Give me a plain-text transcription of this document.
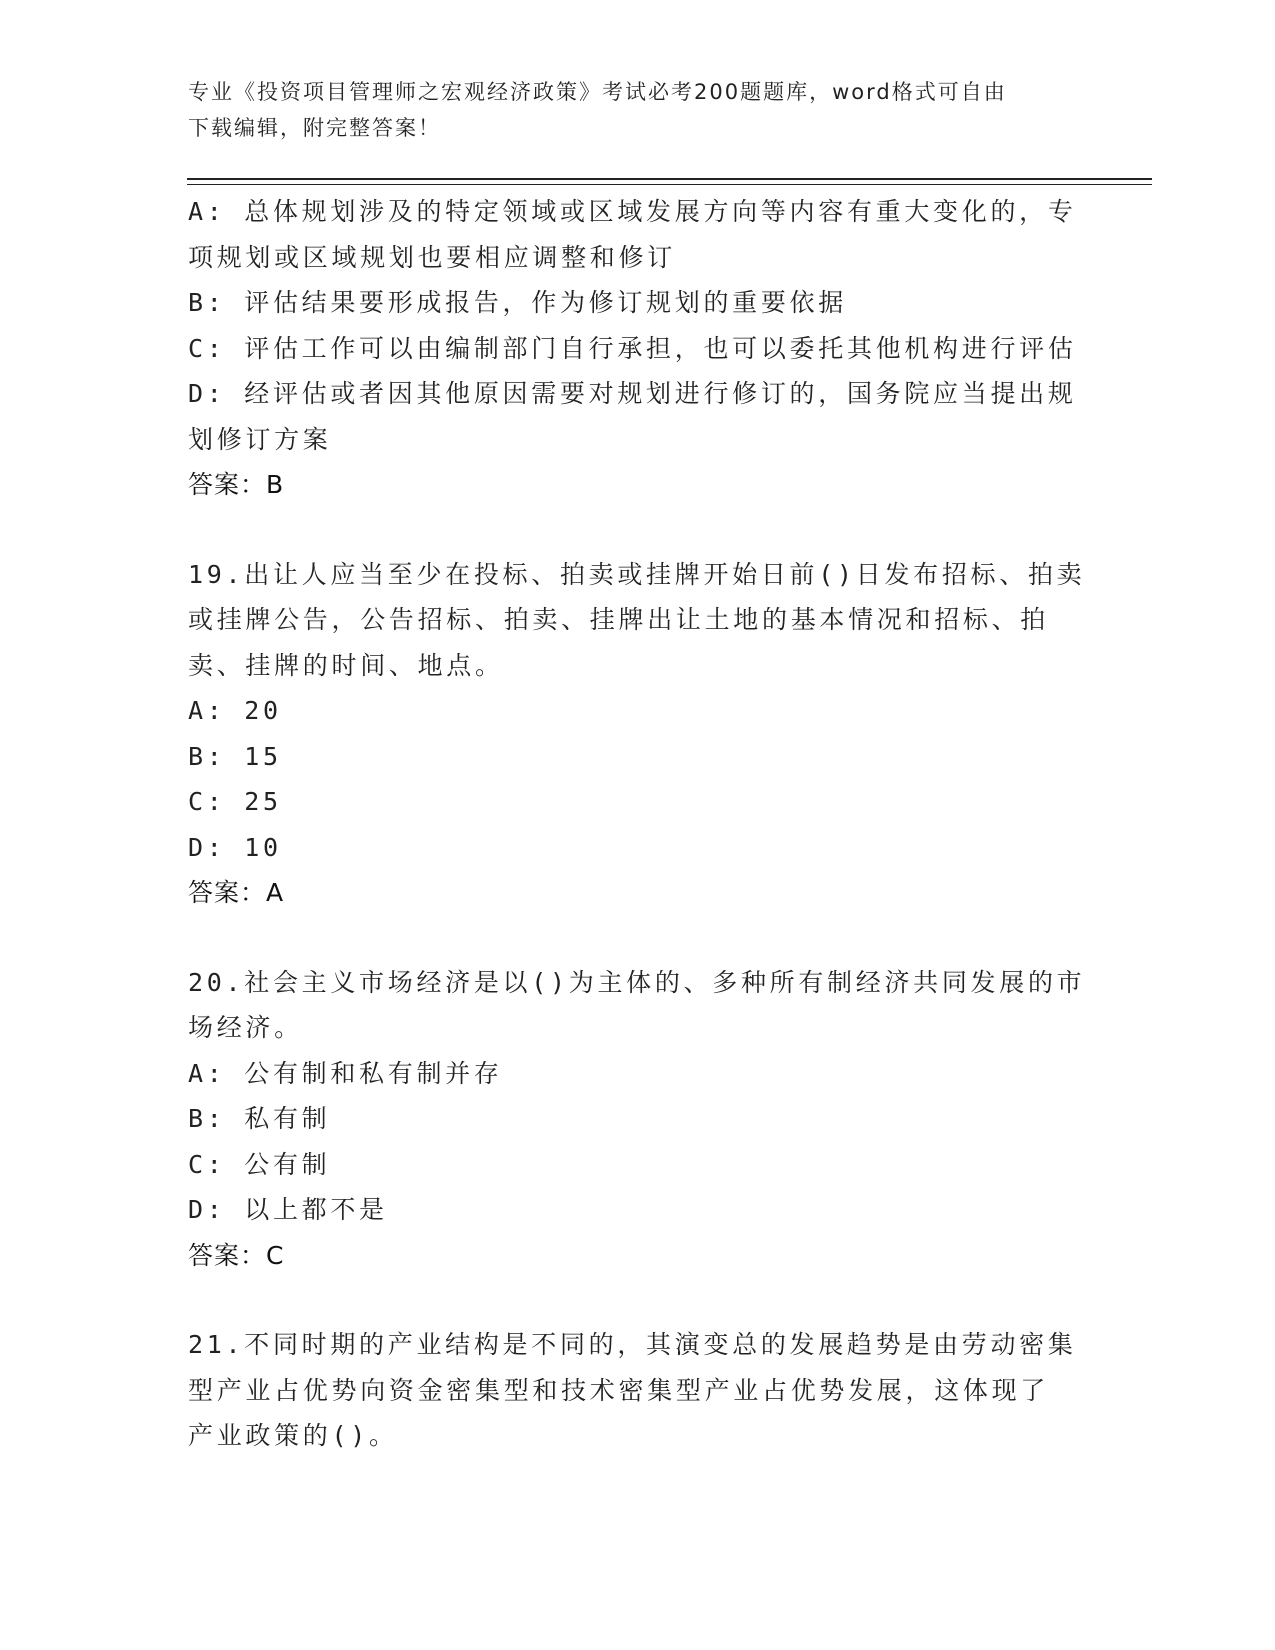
专业《投资项目管理师之宏观经济政策》考试必考200题题库，word格式可自由
下载编辑，附完整答案！
A: 总体规划涉及的特定领域或区域发展方向等内容有重大变化的，专
项规划或区域规划也要相应调整和修订
B: 评估结果要形成报告，作为修订规划的重要依据
C: 评估工作可以由编制部门自行承担，也可以委托其他机构进行评估
D: 经评估或者因其他原因需要对规划进行修订的，国务院应当提出规
划修订方案
答案：B
19.出让人应当至少在投标、拍卖或挂牌开始日前()日发布招标、拍卖
或挂牌公告，公告招标、拍卖、挂牌出让土地的基本情况和招标、拍
卖、挂牌的时间、地点。
A: 20
B: 15
C: 25
D: 10
答案：A
20.社会主义市场经济是以()为主体的、多种所有制经济共同发展的市
场经济。
A: 公有制和私有制并存
B: 私有制
C: 公有制
D: 以上都不是
答案：C
21.不同时期的产业结构是不同的，其演变总的发展趋势是由劳动密集
型产业占优势向资金密集型和技术密集型产业占优势发展，这体现了
产业政策的()。
